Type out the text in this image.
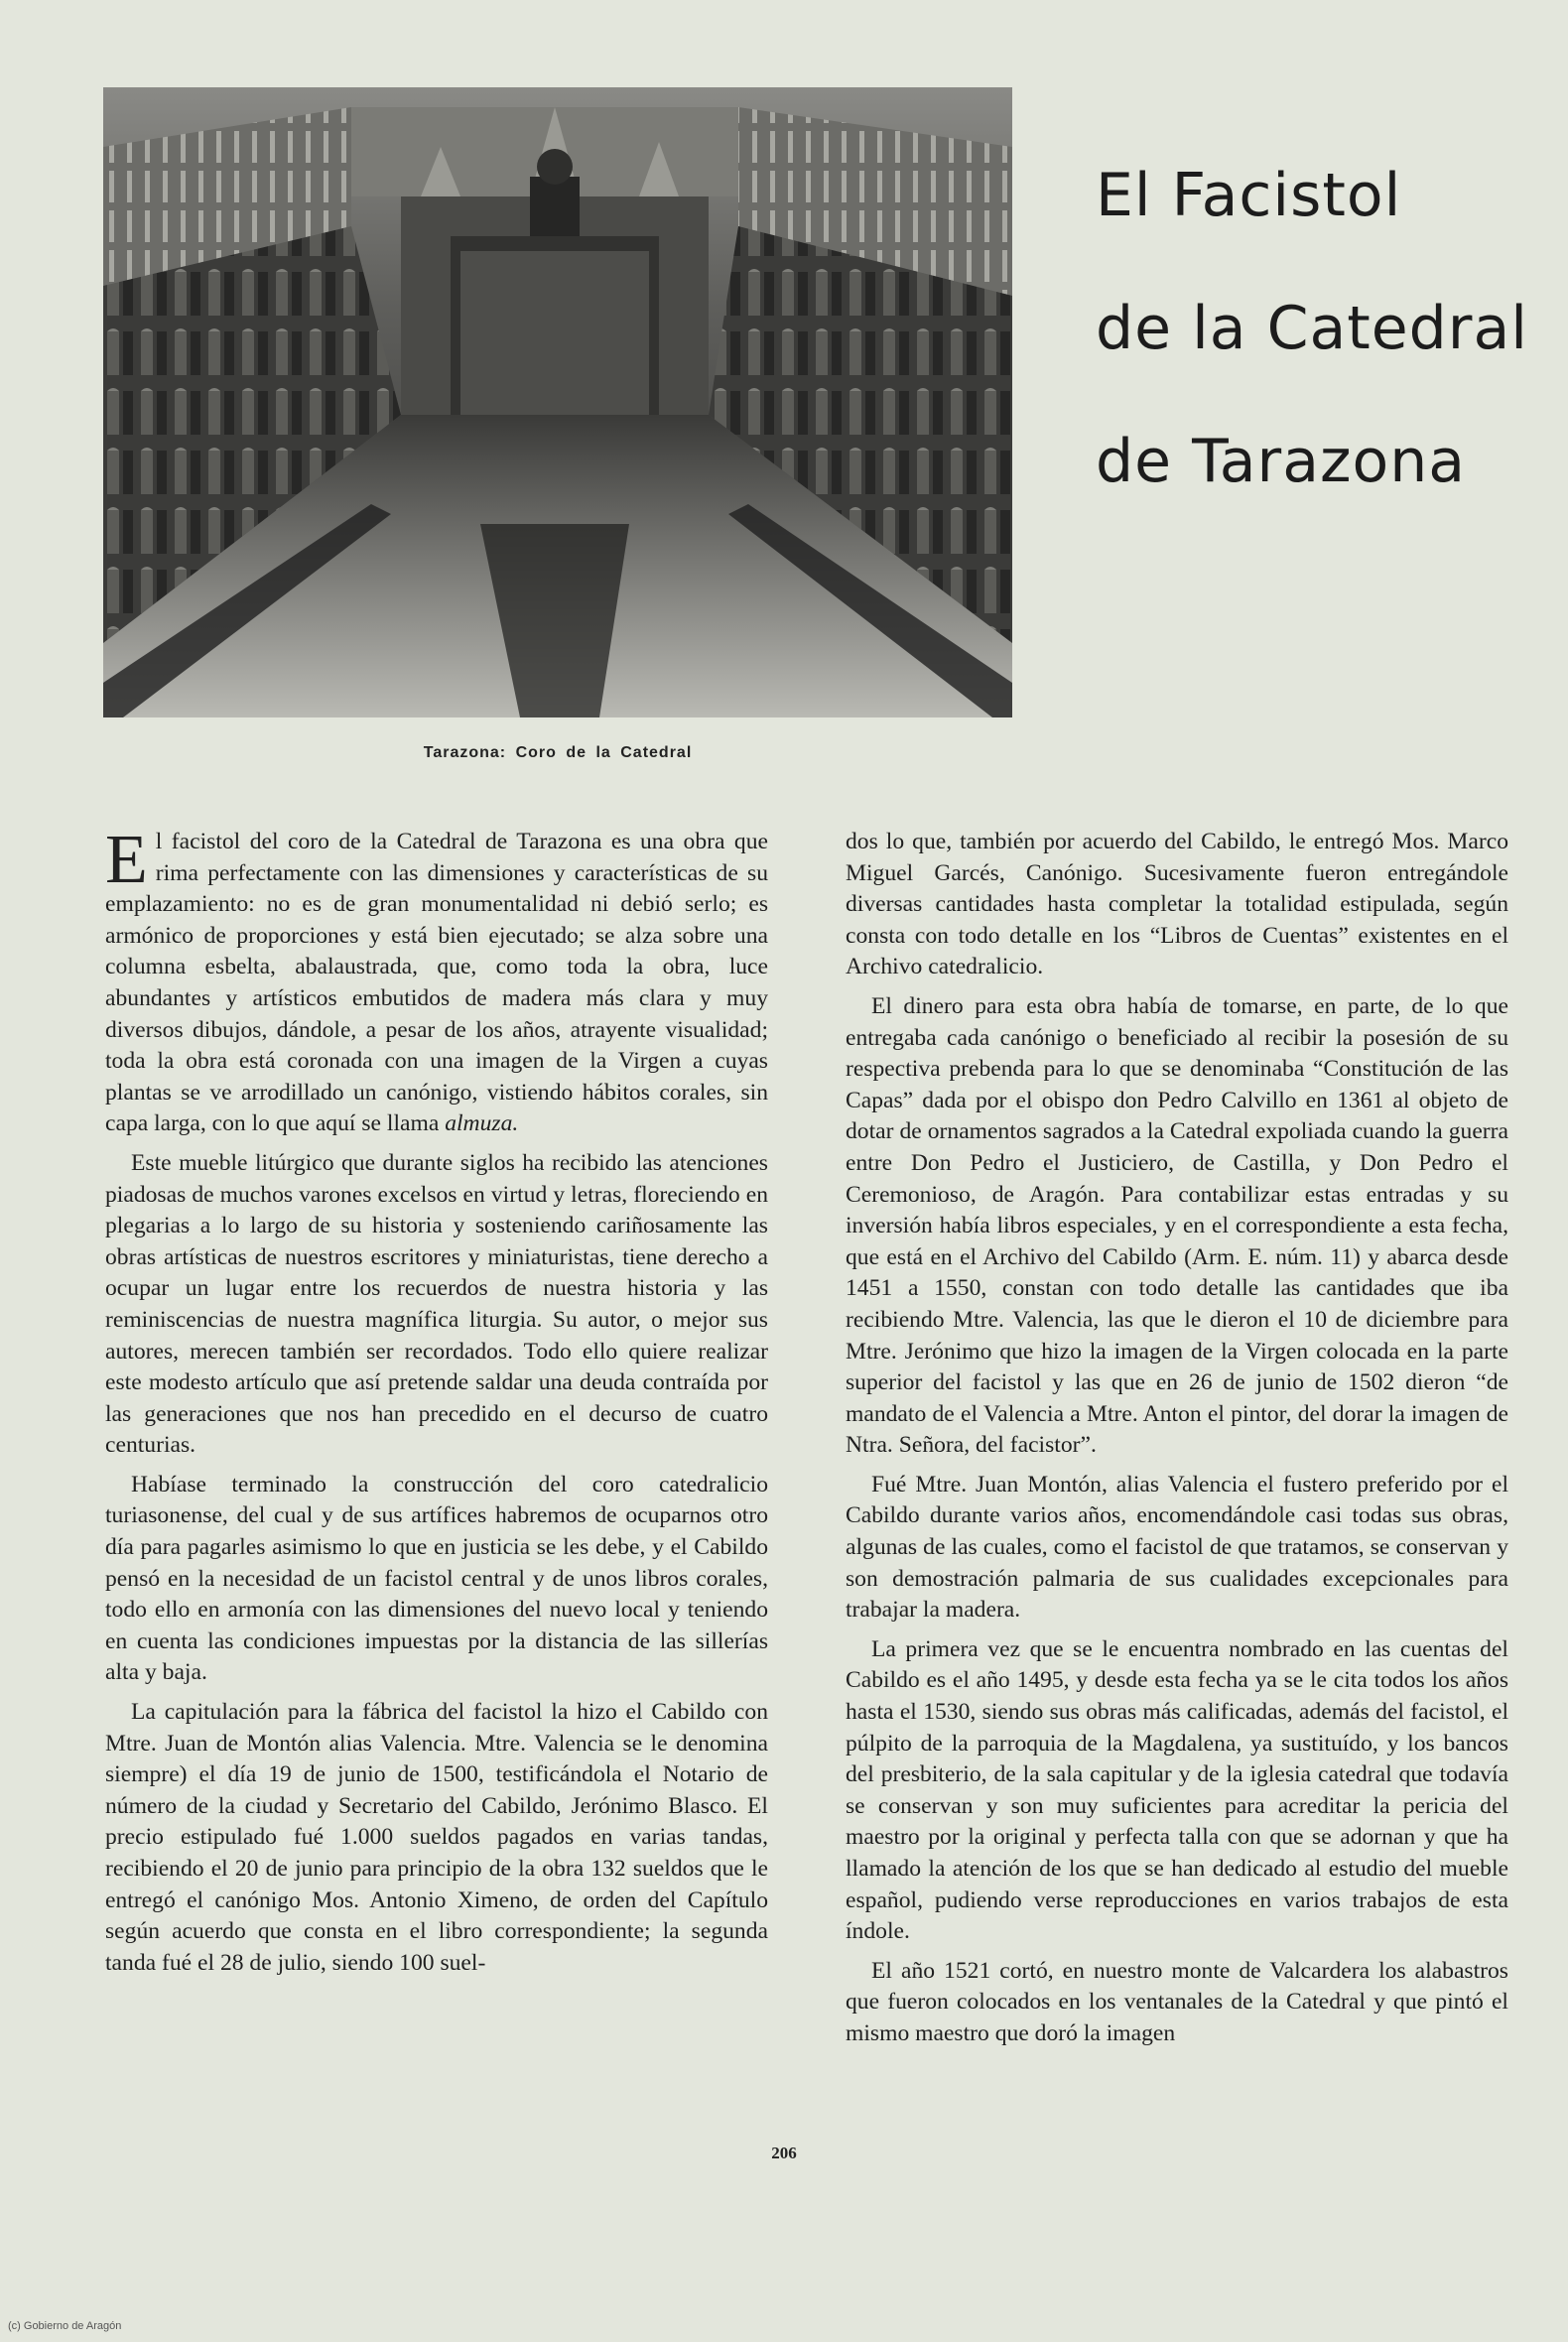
Tarazona: Coro de la Catedral
El Facistol
de la Catedral
de Tarazona

El facistol del coro de la Catedral de Tarazona es una obra que rima perfectamente con las dimensiones y características de su emplazamiento: no es de gran monumentalidad ni debió serlo; es armónico de proporciones y está bien ejecutado; se alza sobre una columna esbelta, abalaustrada, que, como toda la obra, luce abundantes y artísticos embutidos de madera más clara y muy diversos dibujos, dándole, a pesar de los años, atrayente visualidad; toda la obra está coronada con una imagen de la Virgen a cuyas plantas se ve arrodillado un canónigo, vistiendo hábitos corales, sin capa larga, con lo que aquí se llama almuza.

Este mueble litúrgico que durante siglos ha recibido las atenciones piadosas de muchos varones excelsos en virtud y letras, floreciendo en plegarias a lo largo de su historia y sosteniendo cariñosamente las obras artísticas de nuestros escritores y miniaturistas, tiene derecho a ocupar un lugar entre los recuerdos de nuestra historia y las reminiscencias de nuestra magnífica liturgia. Su autor, o mejor sus autores, merecen también ser recordados. Todo ello quiere realizar este modesto artículo que así pretende saldar una deuda contraída por las generaciones que nos han precedido en el decurso de cuatro centurias.

Habíase terminado la construcción del coro catedralicio turiasonense, del cual y de sus artífices habremos de ocuparnos otro día para pagarles asimismo lo que en justicia se les debe, y el Cabildo pensó en la necesidad de un facistol central y de unos libros corales, todo ello en armonía con las dimensiones del nuevo local y teniendo en cuenta las condiciones impuestas por la distancia de las sillerías alta y baja.

La capitulación para la fábrica del facistol la hizo el Cabildo con Mtre. Juan de Montón alias Valencia. Mtre. Valencia se le denomina siempre) el día 19 de junio de 1500, testificándola el Notario de número de la ciudad y Secretario del Cabildo, Jerónimo Blasco. El precio estipulado fué 1.000 sueldos pagados en varias tandas, recibiendo el 20 de junio para principio de la obra 132 sueldos que le entregó el canónigo Mos. Antonio Ximeno, de orden del Capítulo según acuerdo que consta en el libro correspondiente; la segunda tanda fué el 28 de julio, siendo 100 suel-

dos lo que, también por acuerdo del Cabildo, le entregó Mos. Marco Miguel Garcés, Canónigo. Sucesivamente fueron entregándole diversas cantidades hasta completar la totalidad estipulada, según consta con todo detalle en los “Libros de Cuentas” existentes en el Archivo catedralicio.

El dinero para esta obra había de tomarse, en parte, de lo que entregaba cada canónigo o beneficiado al recibir la posesión de su respectiva prebenda para lo que se denominaba “Constitución de las Capas” dada por el obispo don Pedro Calvillo en 1361 al objeto de dotar de ornamentos sagrados a la Catedral expoliada cuando la guerra entre Don Pedro el Justiciero, de Castilla, y Don Pedro el Ceremonioso, de Aragón. Para contabilizar estas entradas y su inversión había libros especiales, y en el correspondiente a esta fecha, que está en el Archivo del Cabildo (Arm. E. núm. 11) y abarca desde 1451 a 1550, constan con todo detalle las cantidades que iba recibiendo Mtre. Valencia, las que le dieron el 10 de diciembre para Mtre. Jerónimo que hizo la imagen de la Virgen colocada en la parte superior del facistol y las que en 26 de junio de 1502 dieron “de mandato de el Valencia a Mtre. Anton el pintor, del dorar la imagen de Ntra. Señora, del facistor”.

Fué Mtre. Juan Montón, alias Valencia el fustero preferido por el Cabildo durante varios años, encomendándole casi todas sus obras, algunas de las cuales, como el facistol de que tratamos, se conservan y son demostración palmaria de sus cualidades excepcionales para trabajar la madera.

La primera vez que se le encuentra nombrado en las cuentas del Cabildo es el año 1495, y desde esta fecha ya se le cita todos los años hasta el 1530, siendo sus obras más calificadas, además del facistol, el púlpito de la parroquia de la Magdalena, ya sustituído, y los bancos del presbiterio, de la sala capitular y de la iglesia catedral que todavía se conservan y son muy suficientes para acreditar la pericia del maestro por la original y perfecta talla con que se adornan y que ha llamado la atención de los que se han dedicado al estudio del mueble español, pudiendo verse reproducciones en varios trabajos de esta índole.

El año 1521 cortó, en nuestro monte de Valcardera los alabastros que fueron colocados en los ventanales de la Catedral y que pintó el mismo maestro que doró la imagen

206
(c) Gobierno de Aragón
